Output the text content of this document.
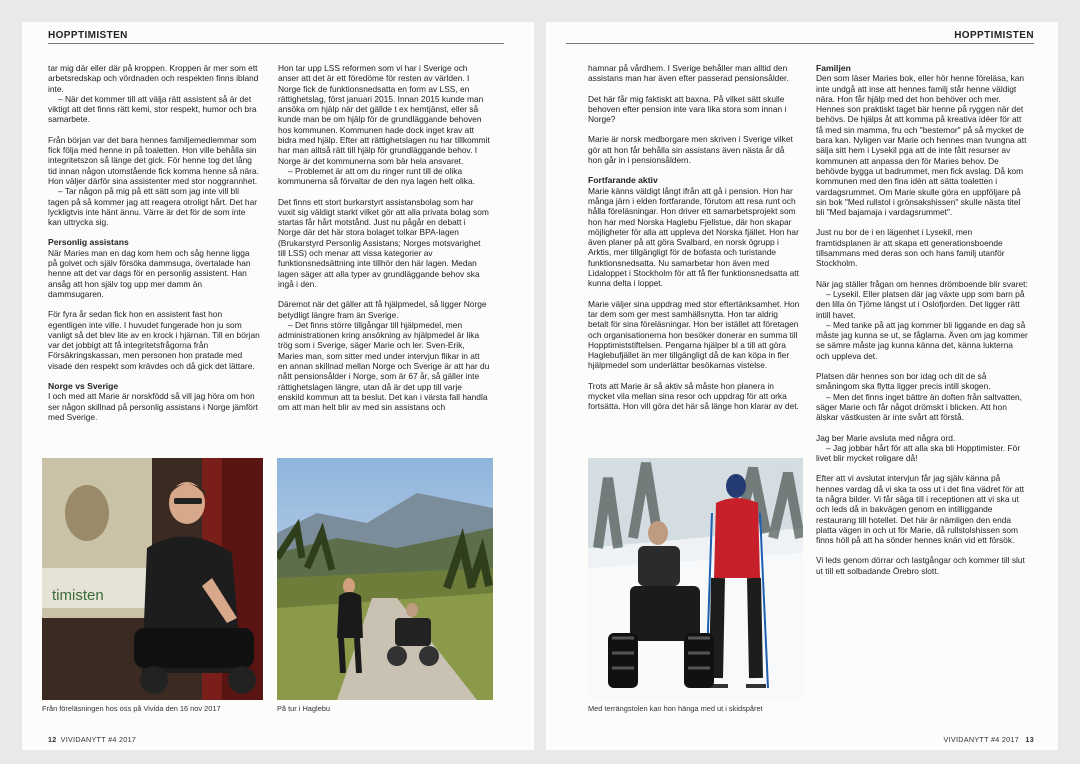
HOPPTIMISTEN

tar mig där eller där på kroppen. Kroppen är mer som ett arbetsredskap och vördnaden och respekten finns ibland inte.

– När det kommer till att välja rätt assistent så är det viktigt att det finns rätt kemi, stor respekt, humor och bra samarbete.

Från början var det bara hennes familjemedlemmar som fick följa med henne in på toaletten. Hon ville behålla sin integritetszon så länge det gick. För henne tog det lång tid innan någon utomstående fick komma henne så nära. Hon väljer därför sina assistenter med stor noggrannhet.

– Tar någon på mig på ett sätt som jag inte vill bli tagen på så kommer jag att reagera otroligt hårt. Det har lyckligtvis inte hänt ännu. Värre är det för de som inte kan uttrycka sig.

Personlig assistans

När Maries man en dag kom hem och såg henne ligga på golvet och själv försöka dammsuga, övertalade han henne att det var dags för en personlig assistent. Han ansåg att hon själv tog upp mer damm än dammsugaren.

För fyra år sedan fick hon en assistent fast hon egentligen inte ville. I huvudet fungerade hon ju som vanligt så det blev lite av en krock i hjärnan. Till en början var det jobbigt att få integritetsfrågorna från Försäkringskassan, men personen hon pratade med visade den respekt som krävdes och då gick det lättare.

Norge vs Sverige

I och med att Marie är norskfödd så vill jag höra om hon ser någon skillnad på personlig assistans i Norge jämfört med Sverige.

Hon tar upp LSS reformen som vi har i Sverige och anser att det är ett föredöme för resten av världen. I Norge fick de funktionsnedsatta en form av LSS, en rättighetslag, först januari 2015. Innan 2015 kunde man ansöka om hjälp när det gällde t ex hemtjänst, eller så kunde man be om hjälp för de grundläggande behoven hos kommunen. Kommunen hade dock inget krav att bidra med hjälp. Efter att rättighetslagen nu har tillkommit har man alltså rätt till hjälp för grundläggande behov. I Norge är det kommunerna som bär hela ansvaret.

– Problemet är att om du ringer runt till de olika kommunerna så förvaltar de den nya lagen helt olika.

Det finns ett stort burkarstyrt assistansbolag som har vuxit sig väldigt starkt vilket gör att alla privata bolag som startas får hårt motstånd. Just nu pågår en debatt i Norge där det här stora bolaget tolkar BPA-lagen (Brukarstyrd Personlig Assistans; Norges motsvarighet till LSS) och menar att vissa kategorier av funktionsnedsättning inte tillhör den här lagen. Medan lagen säger att alla typer av grundläggande behov ska ingå i den.

Däremot när det gäller att få hjälpmedel, så ligger Norge betydligt längre fram än Sverige.

– Det finns större tillgångar till hjälpmedel, men administrationen kring ansökning av hjälpmedel är lika trög som i Sverige, säger Marie och ler. Sven-Erik, Maries man, som sitter med under intervjun flikar in att en annan skillnad mellan Norge och Sverige är att har du nått pensionsålder i Norge, som är 67 år, så gäller inte rättighetslagen längre, utan då är det upp till varje enskild kommun att ta beslut. Det kan i värsta fall handla om att man helt blir av med sin assistans och

timisten
Från föreläsningen hos oss på Vivida den 16 nov 2017	På tur i Haglebu
12 VIVIDANYTT #4 2017
HOPPTIMISTEN

hamnar på vårdhem. I Sverige behåller man alltid den assistans man har även efter passerad pensionsålder.

Det här får mig faktiskt att baxna. På vilket sätt skulle behoven efter pension inte vara lika stora som innan i Norge?

Marie är norsk medborgare men skriven i Sverige vilket gör att hon får behålla sin assistans även nästa år då hon går in i pensionsåldern.

Fortfarande aktiv

Marie känns väldigt långt ifrån att gå i pension. Hon har många järn i elden fortfarande, förutom att resa runt och hålla föreläsningar. Hon driver ett samarbetsprojekt som hon har med Norska Haglebu Fjellstue, där hon skapar möjligheter för alla att uppleva det Norska fjället. Hon har även planer på att göra Svalbard, en norsk ögrupp i Arktis, mer tillgängligt för de bofasta och turistande funktionsnedsatta. Nu samarbetar hon även med Lidaloppet i Stockholm för att få fler funktionsnedsatta att kunna delta i loppet.

Marie väljer sina uppdrag med stor eftertänksamhet. Hon tar dem som ger mest samhällsnytta. Hon tar aldrig betalt för sina föreläsningar. Hon ber istället att företagen och organisationerna hon besöker donerar en summa till Hopptimiststiftelsen. Pengarna hjälper bl a till att göra Haglebufjället än mer tillgängligt då de kan köpa in fler hjälpmedel som underlättar besökarnas vistelse.

Trots att Marie är så aktiv så måste hon planera in mycket vila mellan sina resor och uppdrag för att orka fortsätta. Hon vill göra det här så länge hon klarar av det.

Familjen

Den som läser Maries bok, eller hör henne föreläsa, kan inte undgå att inse att hennes familj står henne väldigt nära. Hon får hjälp med det hon behöver och mer. Hennes son praktiskt taget bär henne på ryggen när det behövs. De hjälps åt att komma på kreativa idéer för att få med sin mamma, fru och "bestemor" på så mycket de bara kan. Nyligen var Marie och hennes man tvungna att sälja sitt hem i Lysekil pga att de inte fått resurser av kommunen att anpassa den för Maries behov. De behövde bygga ut badrummet, men fick avslag. Då kom kommunen med den fina idén att sätta toaletten i vardagsrummet. Om Marie skulle göra en uppföljare på sin bok "Med rullstol i grönsakshissen" skulle nästa titel bli "Med bajamaja i vardagsrummet".

Just nu bor de i en lägenhet i Lysekil, men framtidsplanen är att skapa ett generationsboende tillsammans med deras son och hans familj utanför Stockholm.

När jag ställer frågan om hennes drömboende blir svaret:

– Lysekil. Eller platsen där jag växte upp som barn på den lilla ön Tjöme längst ut i Oslofjorden. Det ligger rätt intill havet.

– Med tanke på att jag kommer bli liggande en dag så måste jag kunna se ut, se fåglarna. Även om jag kommer se sämre måste jag kunna känna det, känna lukterna och uppleva det.

Platsen där hennes son bor idag och dit de så småningom ska flytta ligger precis intill skogen.

– Men det finns inget bättre än doften från saltvatten, säger Marie och får något drömskt i blicken. Att hon älskar västkusten är inte svårt att förstå.

Jag ber Marie avsluta med några ord.

– Jag jobbar hårt för att alla ska bli Hopptimister. För livet blir mycket roligare då!

Efter att vi avslutat intervjun får jag själv känna på hennes vardag då vi ska ta oss ut i det fina vädret för att ta några bilder. Vi får säga till i receptionen att vi ska ut och leds då in bakvägen genom en intilliggande restaurang till hotellet. Det här är nämligen den enda platta vägen in och ut för Marie, då rullstolshissen som finns höll på att ha sönder hennes knän vid ett försök.

Vi leds genom dörrar och lastgångar och kommer till slut ut till ett solbadande Örebro slott.

Med terrängstolen kan hon hänga med ut i skidspåret
VIVIDANYTT #4 2017 13
